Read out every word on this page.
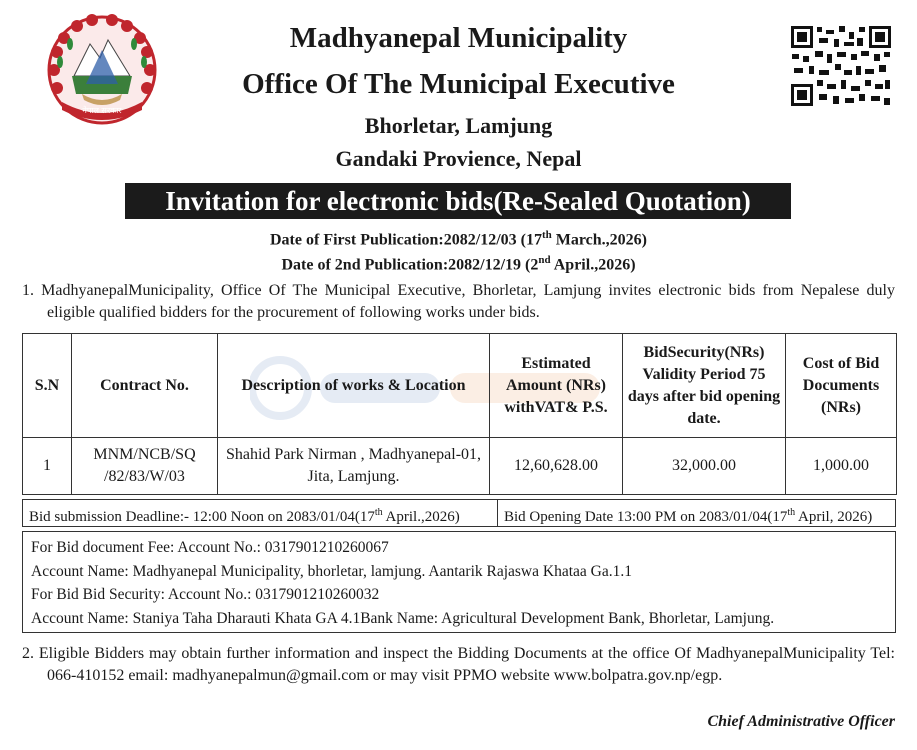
नेपाल सरकार
Madhyanepal Municipality
Office Of The Municipal Executive
Bhorletar, Lamjung
Gandaki Provience, Nepal
Invitation for electronic bids(Re-Sealed Quotation)
Date of First Publication:2082/12/03 (17th March.,2026)
Date of 2nd Publication:2082/12/19 (2nd April.,2026)
1. MadhyanepalMunicipality, Office Of The Municipal Executive, Bhorletar, Lamjung invites electronic bids from Nepalese duly eligible qualified bidders for the procurement of following works under bids.
S.N	Contract No.	Description of works & Location	Estimated Amount (NRs) withVAT& P.S.	BidSecurity(NRs) Validity Period 75 days after bid opening date.	Cost of Bid Documents (NRs)
1	MNM/NCB/SQ /82/83/W/03	Shahid Park Nirman , Madhyanepal-01, Jita, Lamjung.	12,60,628.00	32,000.00	1,000.00
Bid submission Deadline:- 12:00 Noon on 2083/01/04(17th April.,2026)	Bid Opening Date 13:00 PM on 2083/01/04(17th April, 2026)
For Bid document Fee: Account No.: 0317901210260067
Account Name: Madhyanepal Municipality, bhorletar, lamjung. Aantarik Rajaswa Khataa Ga.1.1
For Bid Bid Security: Account No.: 0317901210260032
Account Name: Staniya Taha Dharauti Khata GA 4.1Bank Name: Agricultural Development Bank, Bhorletar, Lamjung.
2. Eligible Bidders may obtain further information and inspect the Bidding Documents at the office Of MadhyanepalMunicipality Tel: 066-410152 email: madhyanepalmun@gmail.com or may visit PPMO website www.bolpatra.gov.np/egp.
Chief Administrative Officer
